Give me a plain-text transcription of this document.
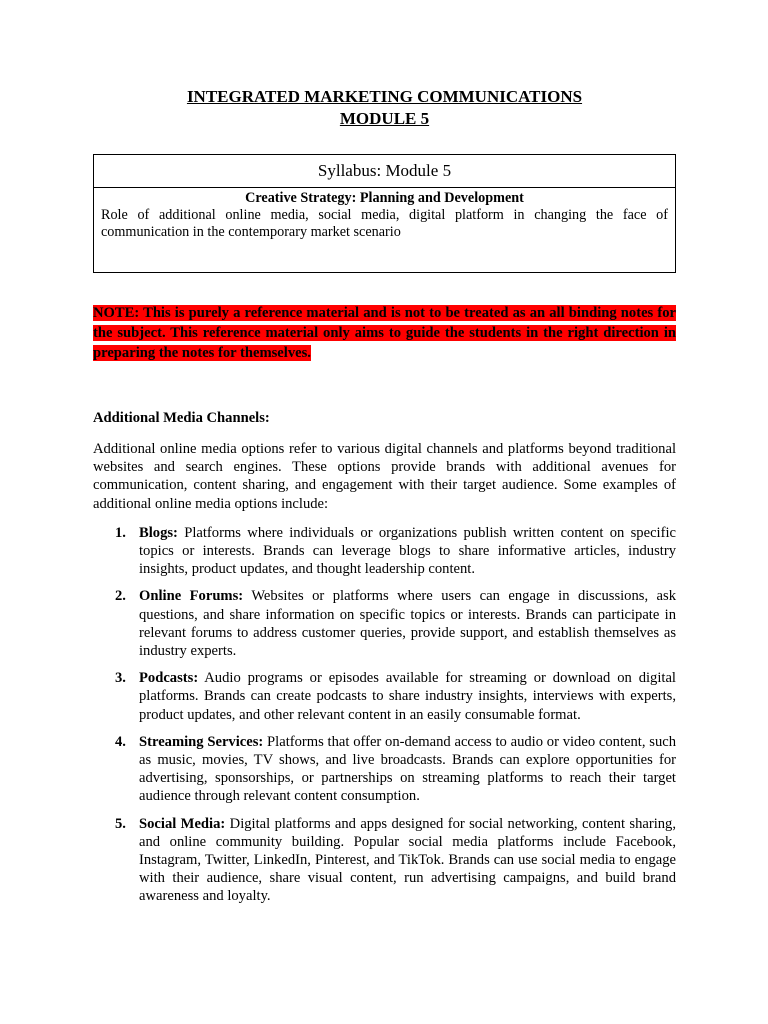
INTEGRATED MARKETING COMMUNICATIONS
MODULE 5

Syllabus: Module 5
Creative Strategy: Planning and Development
Role of additional online media, social media, digital platform in changing the face of communication in the contemporary market scenario
NOTE: This is purely a reference material and is not to be treated as an all binding notes for the subject. This reference material only aims to guide the students in the right direction in preparing the notes for themselves.
Additional Media Channels:
Additional online media options refer to various digital channels and platforms beyond traditional websites and search engines. These options provide brands with additional avenues for communication, content sharing, and engagement with their target audience. Some examples of additional online media options include:
1. Blogs: Platforms where individuals or organizations publish written content on specific topics or interests. Brands can leverage blogs to share informative articles, industry insights, product updates, and thought leadership content.
2. Online Forums: Websites or platforms where users can engage in discussions, ask questions, and share information on specific topics or interests. Brands can participate in relevant forums to address customer queries, provide support, and establish themselves as industry experts.
3. Podcasts: Audio programs or episodes available for streaming or download on digital platforms. Brands can create podcasts to share industry insights, interviews with experts, product updates, and other relevant content in an easily consumable format.
4. Streaming Services: Platforms that offer on-demand access to audio or video content, such as music, movies, TV shows, and live broadcasts. Brands can explore opportunities for advertising, sponsorships, or partnerships on streaming platforms to reach their target audience through relevant content consumption.
5. Social Media: Digital platforms and apps designed for social networking, content sharing, and online community building. Popular social media platforms include Facebook, Instagram, Twitter, LinkedIn, Pinterest, and TikTok. Brands can use social media to engage with their audience, share visual content, run advertising campaigns, and build brand awareness and loyalty.
